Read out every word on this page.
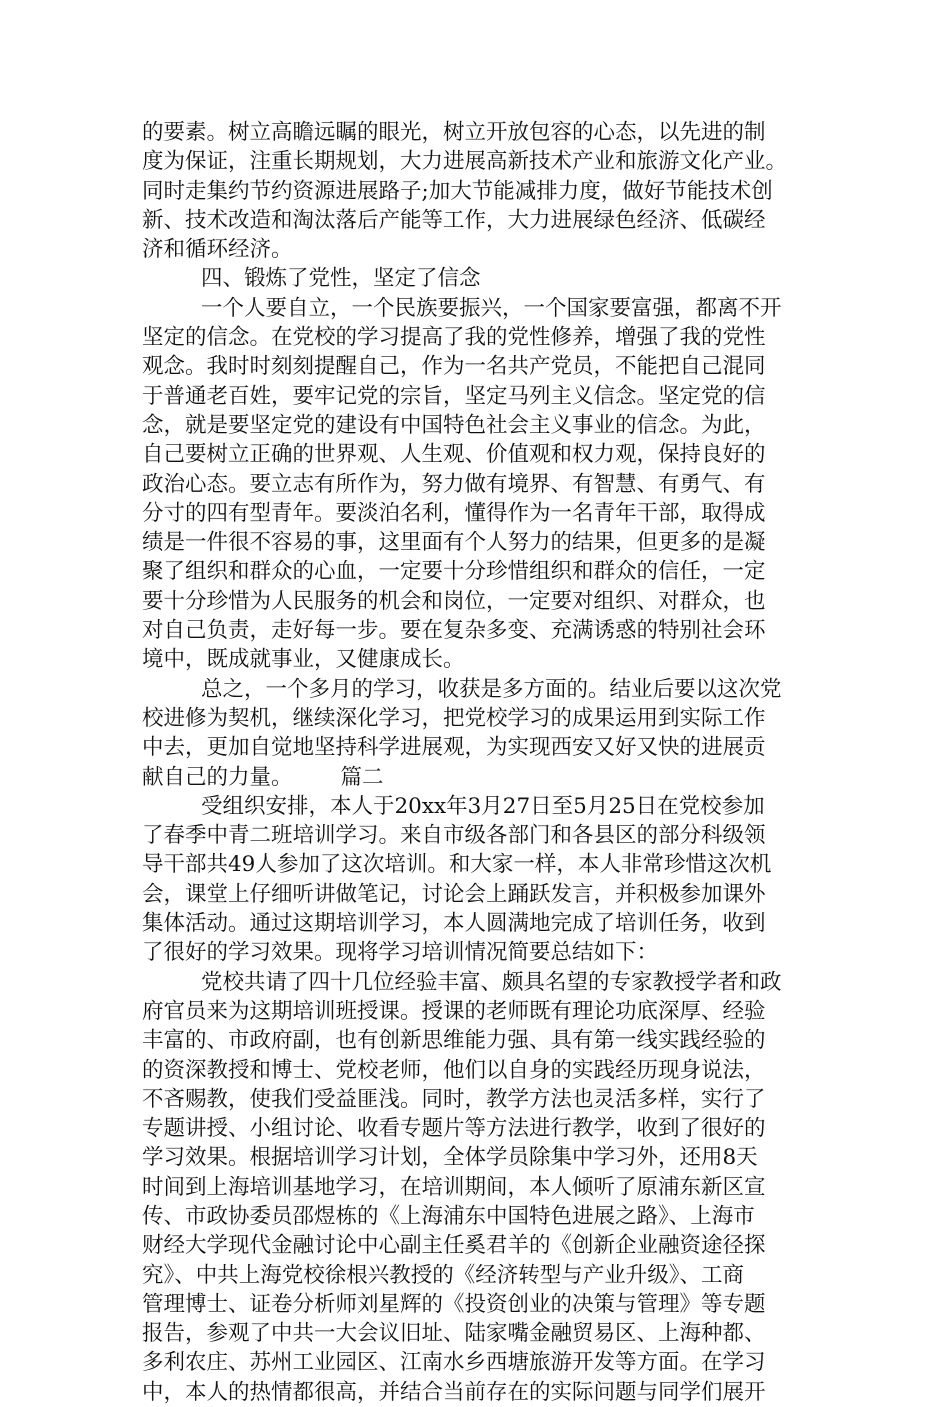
的要素。树立高瞻远瞩的眼光，树立开放包容的心态，以先进的制
度为保证，注重长期规划，大力进展高新技术产业和旅游文化产业。
同时走集约节约资源进展路子;加大节能减排力度，做好节能技术创
新、技术改造和淘汰落后产能等工作，大力进展绿色经济、低碳经
济和循环经济。
四、锻炼了党性，坚定了信念
一个人要自立，一个民族要振兴，一个国家要富强，都离不开
坚定的信念。在党校的学习提高了我的党性修养，增强了我的党性
观念。我时时刻刻提醒自己，作为一名共产党员，不能把自己混同
于普通老百姓，要牢记党的宗旨，坚定马列主义信念。坚定党的信
念，就是要坚定党的建设有中国特色社会主义事业的信念。为此，
自己要树立正确的世界观、人生观、价值观和权力观，保持良好的
政治心态。要立志有所作为，努力做有境界、有智慧、有勇气、有
分寸的四有型青年。要淡泊名利，懂得作为一名青年干部，取得成
绩是一件很不容易的事，这里面有个人努力的结果，但更多的是凝
聚了组织和群众的心血，一定要十分珍惜组织和群众的信任，一定
要十分珍惜为人民服务的机会和岗位，一定要对组织、对群众，也
对自己负责，走好每一步。要在复杂多变、充满诱惑的特别社会环
境中，既成就事业，又健康成长。
总之，一个多月的学习，收获是多方面的。结业后要以这次党
校进修为契机，继续深化学习，把党校学习的成果运用到实际工作
中去，更加自觉地坚持科学进展观，为实现西安又好又快的进展贡
献自己的力量。 篇二
受组织安排，本人于20xx年3月27日至5月25日在党校参加
了春季中青二班培训学习。来自市级各部门和各县区的部分科级领
导干部共49人参加了这次培训。和大家一样，本人非常珍惜这次机
会，课堂上仔细听讲做笔记，讨论会上踊跃发言，并积极参加课外
集体活动。通过这期培训学习，本人圆满地完成了培训任务，收到
了很好的学习效果。现将学习培训情况简要总结如下：
党校共请了四十几位经验丰富、颇具名望的专家教授学者和政
府官员来为这期培训班授课。授课的老师既有理论功底深厚、经验
丰富的、市政府副，也有创新思维能力强、具有第一线实践经验的
的资深教授和博士、党校老师，他们以自身的实践经历现身说法，
不吝赐教，使我们受益匪浅。同时，教学方法也灵活多样，实行了
专题讲授、小组讨论、收看专题片等方法进行教学，收到了很好的
学习效果。根据培训学习计划，全体学员除集中学习外，还用8天
时间到上海培训基地学习，在培训期间，本人倾听了原浦东新区宣
传、市政协委员邵煜栋的《上海浦东中国特色进展之路》、上海市
财经大学现代金融讨论中心副主任奚君羊的《创新企业融资途径探
究》、中共上海党校徐根兴教授的《经济转型与产业升级》、工商
管理博士、证卷分析师刘星辉的《投资创业的决策与管理》等专题
报告，参观了中共一大会议旧址、陆家嘴金融贸易区、上海种都、
多利农庄、苏州工业园区、江南水乡西塘旅游开发等方面。在学习
中，本人的热情都很高，并结合当前存在的实际问题与同学们展开
